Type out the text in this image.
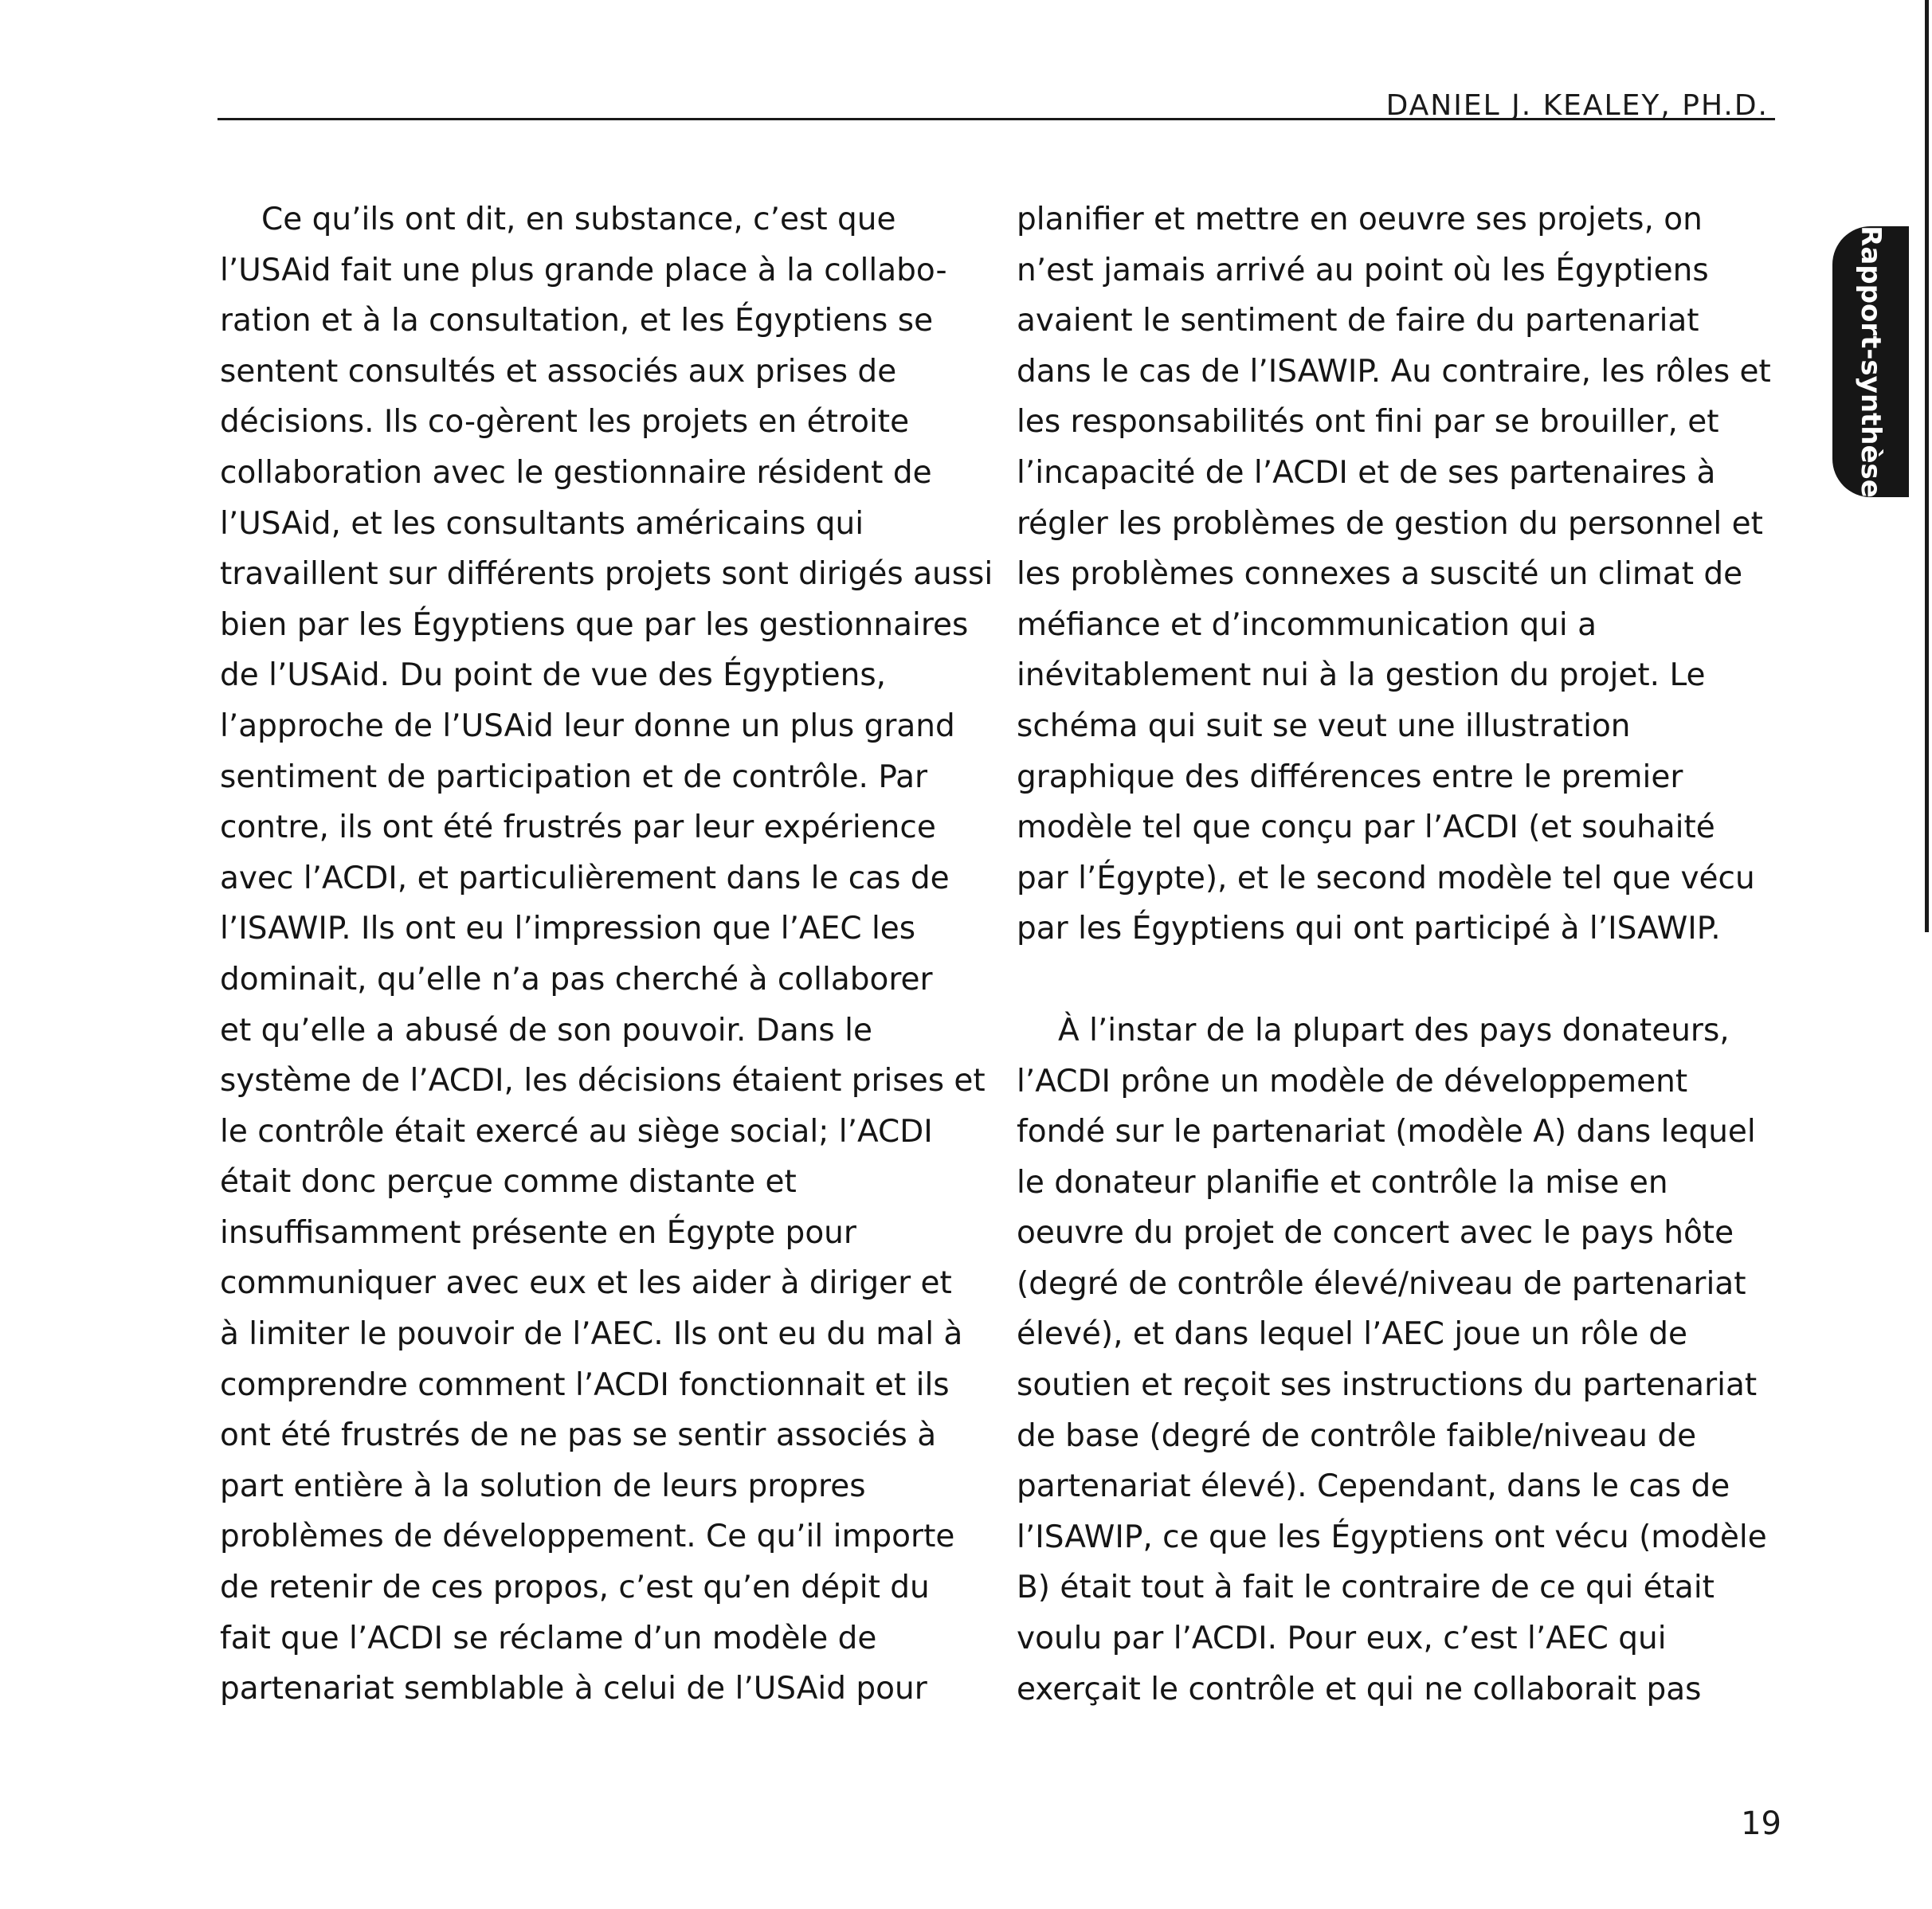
DANIEL J. KEALEY, PH.D.
Ce qu’ils ont dit, en substance, c’est que
l’USAid fait une plus grande place à la collabo-
ration et à la consultation, et les Égyptiens se
sentent consultés et associés aux prises de
décisions. Ils co-gèrent les projets en étroite
collaboration avec le gestionnaire résident de
l’USAid, et les consultants américains qui
travaillent sur différents projets sont dirigés aussi
bien par les Égyptiens que par les gestionnaires
de l’USAid. Du point de vue des Égyptiens,
l’approche de l’USAid leur donne un plus grand
sentiment de participation et de contrôle. Par
contre, ils ont été frustrés par leur expérience
avec l’ACDI, et particulièrement dans le cas de
l’ISAWIP. Ils ont eu l’impression que l’AEC les
dominait, qu’elle n’a pas cherché à collaborer
et qu’elle a abusé de son pouvoir. Dans le
système de l’ACDI, les décisions étaient prises et
le contrôle était exercé au siège social; l’ACDI
était donc perçue comme distante et
insuffisamment présente en Égypte pour
communiquer avec eux et les aider à diriger et
à limiter le pouvoir de l’AEC. Ils ont eu du mal à
comprendre comment l’ACDI fonctionnait et ils
ont été frustrés de ne pas se sentir associés à
part entière à la solution de leurs propres
problèmes de développement. Ce qu’il importe
de retenir de ces propos, c’est qu’en dépit du
fait que l’ACDI se réclame d’un modèle de
partenariat semblable à celui de l’USAid pour
planifier et mettre en oeuvre ses projets, on
n’est jamais arrivé au point où les Égyptiens
avaient le sentiment de faire du partenariat
dans le cas de l’ISAWIP. Au contraire, les rôles et
les responsabilités ont fini par se brouiller, et
l’incapacité de l’ACDI et de ses partenaires à
régler les problèmes de gestion du personnel et
les problèmes connexes a suscité un climat de
méfiance et d’incommunication qui a
inévitablement nui à la gestion du projet. Le
schéma qui suit se veut une illustration
graphique des différences entre le premier
modèle tel que conçu par l’ACDI (et souhaité
par l’Égypte), et le second modèle tel que vécu
par les Égyptiens qui ont participé à l’ISAWIP.
À l’instar de la plupart des pays donateurs,
l’ACDI prône un modèle de développement
fondé sur le partenariat (modèle A) dans lequel
le donateur planifie et contrôle la mise en
oeuvre du projet de concert avec le pays hôte
(degré de contrôle élevé/niveau de partenariat
élevé), et dans lequel l’AEC joue un rôle de
soutien et reçoit ses instructions du partenariat
de base (degré de contrôle faible/niveau de
partenariat élevé). Cependant, dans le cas de
l’ISAWIP, ce que les Égyptiens ont vécu (modèle
B) était tout à fait le contraire de ce qui était
voulu par l’ACDI. Pour eux, c’est l’AEC qui
exerçait le contrôle et qui ne collaborait pas
Rapport-synthèse
19
